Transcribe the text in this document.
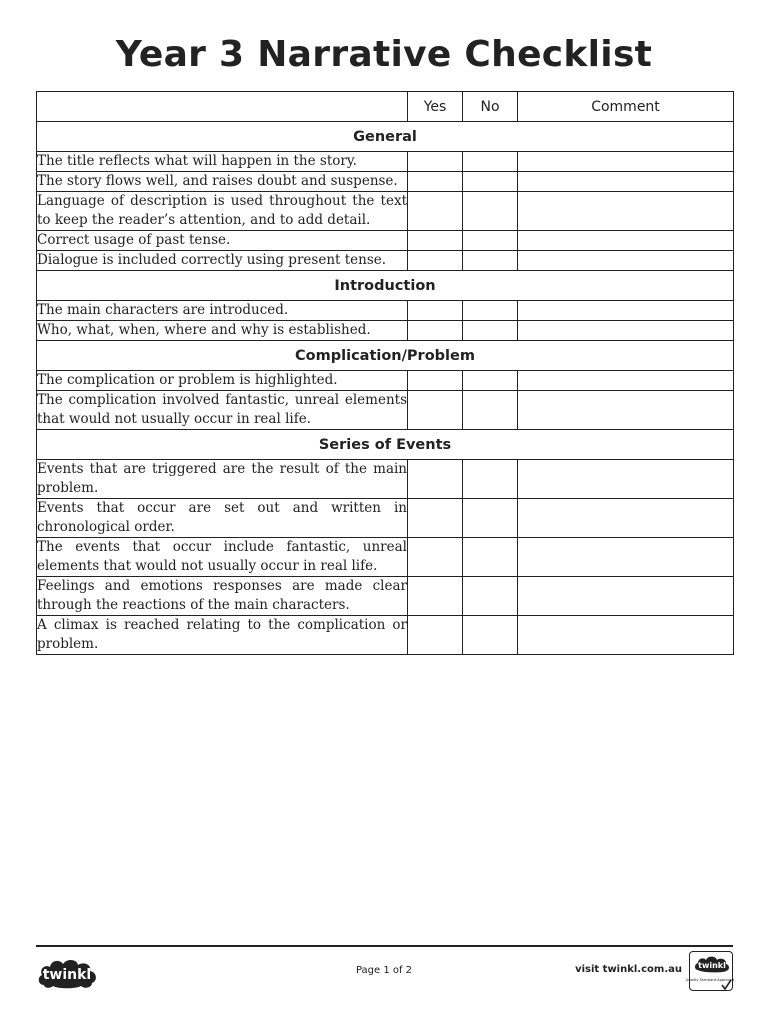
Year 3 Narrative Checklist
	Yes	No	Comment
General			
The title reflects what will happen in the story.			
The story flows well, and raises doubt and suspense.			
Language of description is used throughout the text to keep the reader’s attention, and to add detail.			
Correct usage of past tense.			
Dialogue is included correctly using present tense.			
Introduction			
The main characters are introduced.			
Who, what, when, where and why is established.			
Complication/Problem			
The complication or problem is highlighted.			
The complication involved fantastic, unreal elements that would not usually occur in real life.			
Series of Events			
Events that are triggered are the result of the main problem.			
Events that occur are set out and written in chronological order.			
The events that occur include fantastic, unreal elements that would not usually occur in real life.			
Feelings and emotions responses are made clear through the reactions of the main characters.			
A climax is reached relating to the complication or problem.			
twinkl	Page 1 of 2	visit twinkl.com.au twinkl
Quality Standard Approved
